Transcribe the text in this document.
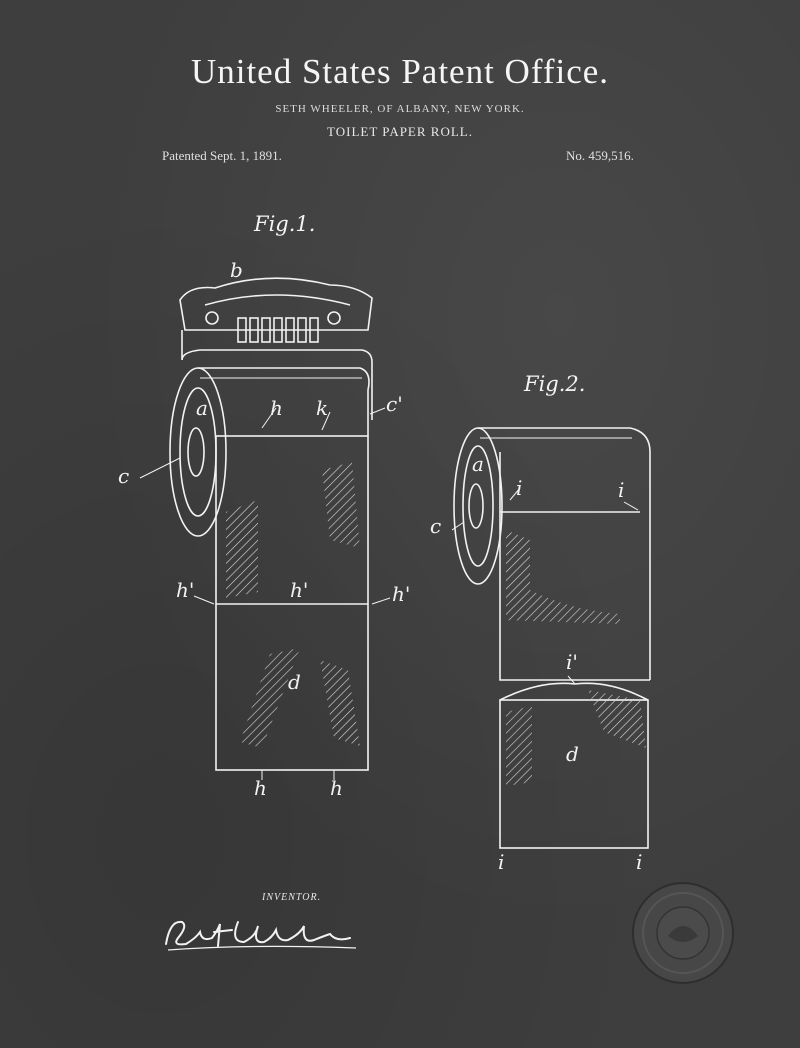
United States Patent Office.
SETH WHEELER, OF ALBANY, NEW YORK.
TOILET PAPER ROLL.
Patented Sept. 1, 1891.	No. 459,516.
Fig.1.
Fig.2.
b
a	h k	c'
c
h'	h'	h'
d
h	h
a
c
i	i
i'
d
i	i
INVENTOR.
